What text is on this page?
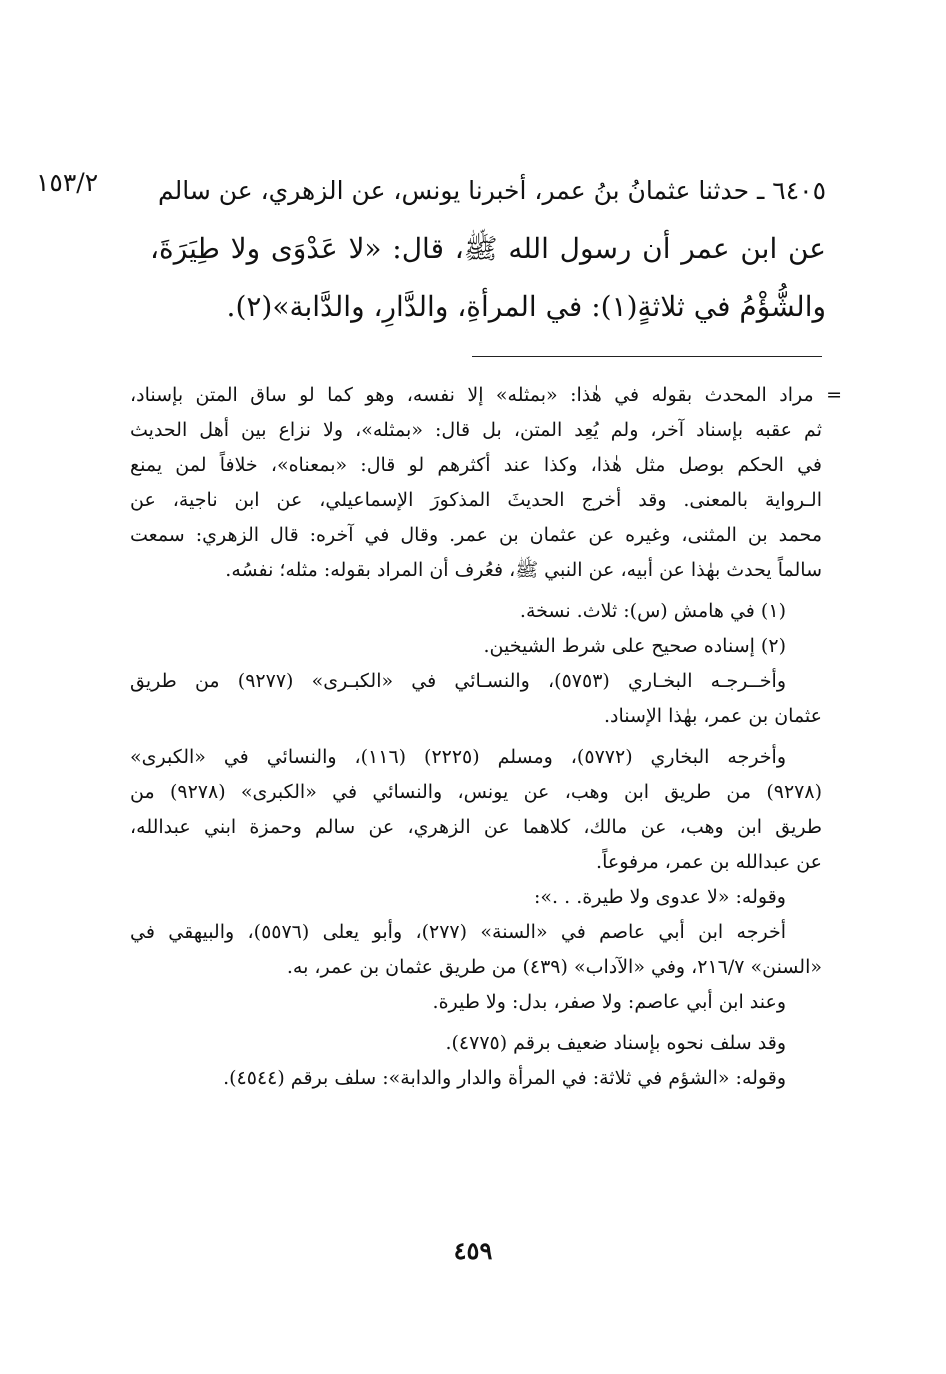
١٥٣/٢	٦٤٠٥ ـ حدثنا عثمانُ بنُ عمر، أخبرنا يونس، عن الزهري، عن سالم
عن ابن عمر أن رسول الله ﷺ، قال: «لا عَدْوَى ولا طِيَرَةَ،
والشُّؤْمُ في ثلاثةٍ(١): في المرأةِ، والدَّارِ، والدَّابة»(٢).
= مراد المحدث بقوله في هٰذا: «بمثله» إلا نفسه، وهو كما لو ساق المتن بإسناد،
ثم عقبه بإسناد آخر، ولم يُعِد المتن، بل قال: «بمثله»، ولا نزاع بين أهل الحديث
في الحكم بوصل مثل هٰذا، وكذا عند أكثرهم لو قال: «بمعناه»، خلافاً لمن يمنع
الـرواية بالمعنى. وقد أخرج الحديثَ المذكورَ الإسماعيلي، عن ابن ناجية، عن
محمد بن المثنى، وغيره عن عثمان بن عمر. وقال في آخره: قال الزهري: سمعت
سالماً يحدث بهٰذا عن أبيه، عن النبي ﷺ، فعُرف أن المراد بقوله: مثله؛ نفسُه.
(١) في هامش (س): ثلاث. نسخة.
(٢) إسناده صحيح على شرط الشيخين.
وأخــرجـه البخـاري (٥٧٥٣)، والنسـائي في «الكبـرى» (٩٢٧٧) من طريق
عثمان بن عمر، بهٰذا الإسناد.
وأخرجه البخاري (٥٧٧٢)، ومسلم (٢٢٢٥) (١١٦)، والنسائي في «الكبرى»
(٩٢٧٨) من طريق ابن وهب، عن يونس، والنسائي في «الكبرى» (٩٢٧٨) من
طريق ابن وهب، عن مالك، كلاهما عن الزهري، عن سالم وحمزة ابني عبدالله،
عن عبدالله بن عمر، مرفوعاً.
وقوله: «لا عدوى ولا طيرة. . .»:
أخرجه ابن أبي عاصم في «السنة» (٢٧٧)، وأبو يعلى (٥٥٧٦)، والبيهقي في
«السنن» ٢١٦/٧، وفي «الآداب» (٤٣٩) من طريق عثمان بن عمر، به.
وعند ابن أبي عاصم: ولا صفر، بدل: ولا طيرة.
وقد سلف نحوه بإسناد ضعيف برقم (٤٧٧٥).
وقوله: «الشؤم في ثلاثة: في المرأة والدار والدابة»: سلف برقم (٤٥٤٤).
٤٥٩
